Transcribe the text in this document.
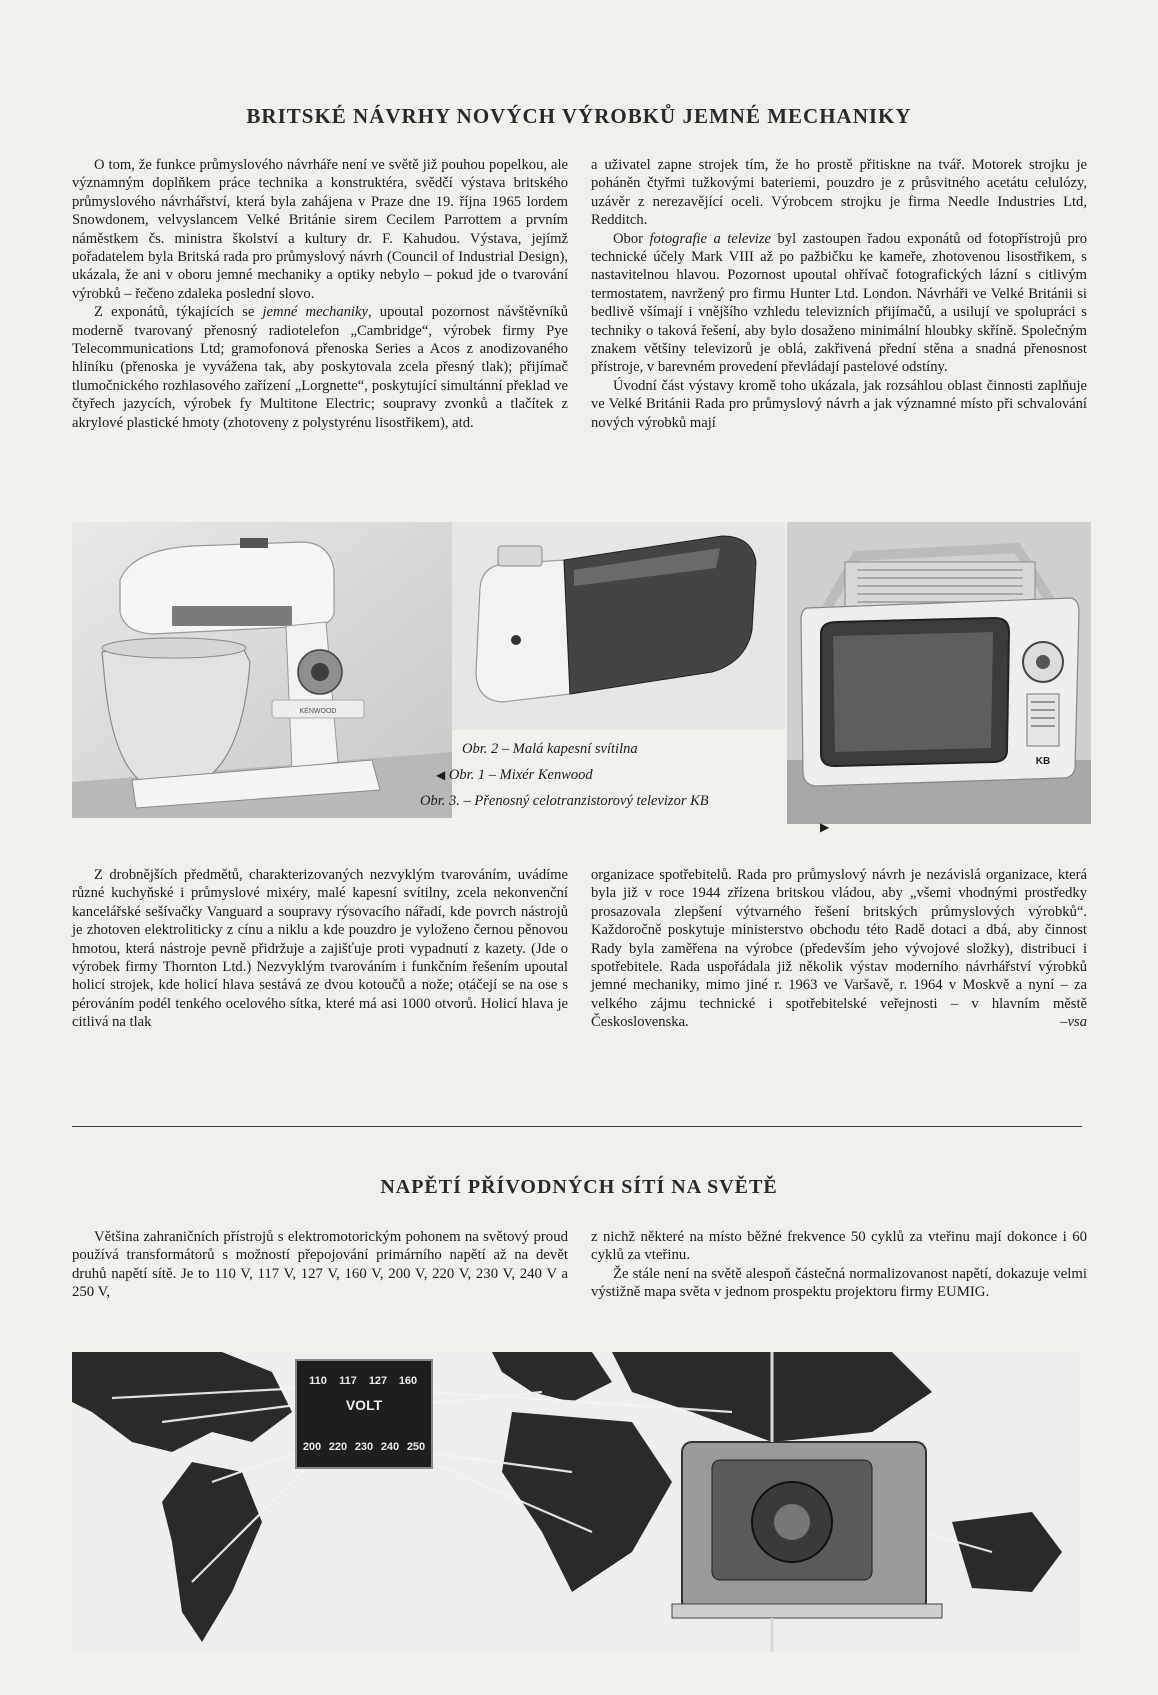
BRITSKÉ NÁVRHY NOVÝCH VÝROBKŮ JEMNÉ MECHANIKY

O tom, že funkce průmyslového návrháře není ve světě již pouhou popelkou, ale významným doplňkem práce technika a konstruktéra, svědčí výstava britského průmyslového návrhářství, která byla zahájena v Praze dne 19. října 1965 lordem Snowdonem, velvyslancem Velké Británie sirem Cecilem Parrottem a prvním náměstkem čs. ministra školství a kultury dr. F. Kahudou. Výstava, jejímž pořadatelem byla Britská rada pro průmyslový návrh (Council of Industrial Design), ukázala, že ani v oboru jemné mechaniky a optiky nebylo – pokud jde o tvarování výrobků – řečeno zdaleka poslední slovo.

Z exponátů, týkajících se jemné mechaniky, upoutal pozornost návštěvníků moderně tvarovaný přenosný radiotelefon „Cambridge“, výrobek firmy Pye Telecommunications Ltd; gramofonová přenoska Series a Acos z anodizovaného hliníku (přenoska je vyvážena tak, aby poskytovala zcela přesný tlak); přijímač tlumočnického rozhlasového zařízení „Lorgnette“, poskytující simultánní překlad ve čtyřech jazycích, výrobek fy Multitone Electric; soupravy zvonků a tlačítek z akrylové plastické hmoty (zhotoveny z polystyrénu lisostřikem), atd.

a uživatel zapne strojek tím, že ho prostě přitiskne na tvář. Motorek strojku je poháněn čtyřmi tužkovými bateriemi, pouzdro je z průsvitného acetátu celulózy, uzávěr z nerezavějící oceli. Výrobcem strojku je firma Needle Industries Ltd, Redditch.

Obor fotografie a televize byl zastoupen řadou exponátů od fotopřístrojů pro technické účely Mark VIII až po pažbičku ke kameře, zhotovenou lisostřikem, s nastavitelnou hlavou. Pozornost upoutal ohřívač fotografických lázní s citlivým termostatem, navržený pro firmu Hunter Ltd. London. Návrháři ve Velké Británii si bedlivě všímají i vnějšího vzhledu televizních přijímačů, a usilují ve spolupráci s techniky o taková řešení, aby bylo dosaženo minimální hloubky skříně. Společným znakem většiny televizorů je oblá, zakřivená přední stěna a snadná přenosnost přístroje, v barevném provedení převládají pastelové odstíny.

Úvodní část výstavy kromě toho ukázala, jak rozsáhlou oblast činnosti zaplňuje ve Velké Británii Rada pro průmyslový návrh a jak významné místo při schvalování nových výrobků mají

KENWOOD
KB
Obr. 2 – Malá kapesní svítilna
◀ Obr. 1 – Mixér Kenwood
Obr. 3. – Přenosný celotranzistorový televizor KB
▶

Z drobnějších předmětů, charakterizovaných nezvyklým tvarováním, uvádíme různé kuchyňské i průmyslové mixéry, malé kapesní svítilny, zcela nekonvenční kancelářské sešívačky Vanguard a soupravy rýsovacího nářadí, kde povrch nástrojů je zhotoven elektroliticky z cínu a niklu a kde pouzdro je vyloženo černou pěnovou hmotou, která nástroje pevně přidržuje a zajišťuje proti vypadnutí z kazety. (Jde o výrobek firmy Thornton Ltd.) Nezvyklým tvarováním i funkčním řešením upoutal holicí strojek, kde holicí hlava sestává ze dvou kotoučů a nože; otáčejí se na ose s pérováním podél tenkého ocelového sítka, které má asi 1000 otvorů. Holicí hlava je citlivá na tlak

organizace spotřebitelů. Rada pro průmyslový návrh je nezávislá organizace, která byla již v roce 1944 zřízena britskou vládou, aby „všemi vhodnými prostředky prosazovala zlepšení výtvarného řešení britských průmyslových výrobků“. Každoročně poskytuje ministerstvo obchodu této Radě dotaci a dbá, aby činnost Rady byla zaměřena na výrobce (především jeho vývojové složky), distribuci i spotřebitele. Rada uspořádala již několik výstav moderního návrhářství výrobků jemné mechaniky, mimo jiné r. 1963 ve Varšavě, r. 1964 v Moskvě a nyní – za velkého zájmu technické i spotřebitelské veřejnosti – v hlavním městě Československa.	–vsa

NAPĚTÍ PŘÍVODNÝCH SÍTÍ NA SVĚTĚ

Většina zahraničních přístrojů s elektromotorickým pohonem na světový proud používá transformátorů s možností přepojování primárního napětí až na devět druhů napětí sítě. Je to 110 V, 117 V, 127 V, 160 V, 200 V, 220 V, 230 V, 240 V a 250 V,

z nichž některé na místo běžné frekvence 50 cyklů za vteřinu mají dokonce i 60 cyklů za vteřinu.

Že stále není na světě alespoň částečná normalizovanost napětí, dokazuje velmi výstižně mapa světa v jednom prospektu projektoru firmy EUMIG.

110 117 127 160
200 220 230 240 250
VOLT
